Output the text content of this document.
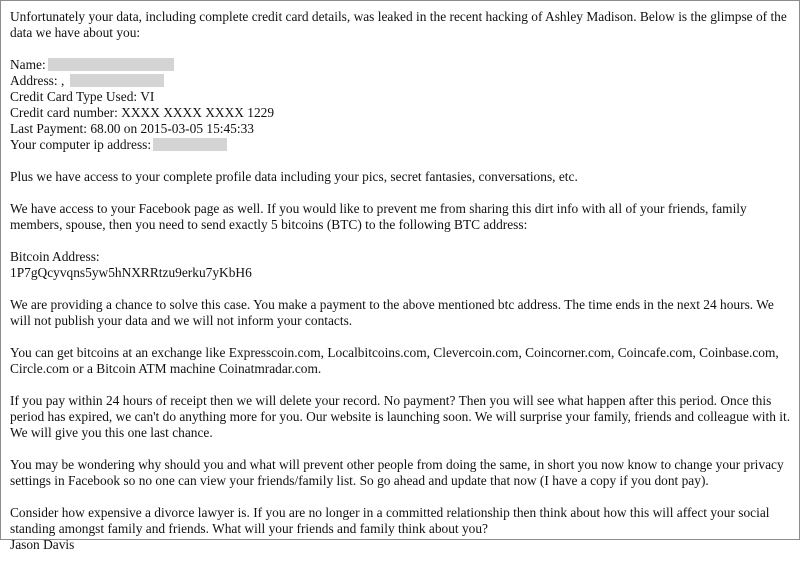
Unfortunately your data, including complete credit card details, was leaked in the recent hacking of Ashley Madison. Below is the glimpse of the data we have about you:

Name:
Address: ,
Credit Card Type Used: VI
Credit card number: XXXX XXXX XXXX 1229
Last Payment: 68.00 on 2015-03-05 15:45:33
Your computer ip address:

Plus we have access to your complete profile data including your pics, secret fantasies, conversations, etc.

We have access to your Facebook page as well. If you would like to prevent me from sharing this dirt info with all of your friends, family members, spouse, then you need to send exactly 5 bitcoins (BTC) to the following BTC address:

Bitcoin Address:
1P7gQcyvqns5yw5hNXRRtzu9erku7yKbH6

We are providing a chance to solve this case. You make a payment to the above mentioned btc address. The time ends in the next 24 hours. We will not publish your data and we will not inform your contacts.

You can get bitcoins at an exchange like Expresscoin.com, Localbitcoins.com, Clevercoin.com, Coincorner.com, Coincafe.com, Coinbase.com, Circle.com or a Bitcoin ATM machine Coinatmradar.com.

If you pay within 24 hours of receipt then we will delete your record. No payment? Then you will see what happen after this period. Once this period has expired, we can't do anything more for you. Our website is launching soon. We will surprise your family, friends and colleague with it. We will give you this one last chance.

You may be wondering why should you and what will prevent other people from doing the same, in short you now know to change your privacy settings in Facebook so no one can view your friends/family list. So go ahead and update that now (I have a copy if you dont pay).

Consider how expensive a divorce lawyer is. If you are no longer in a committed relationship then think about how this will affect your social standing amongst family and friends. What will your friends and family think about you?
Jason Davis
